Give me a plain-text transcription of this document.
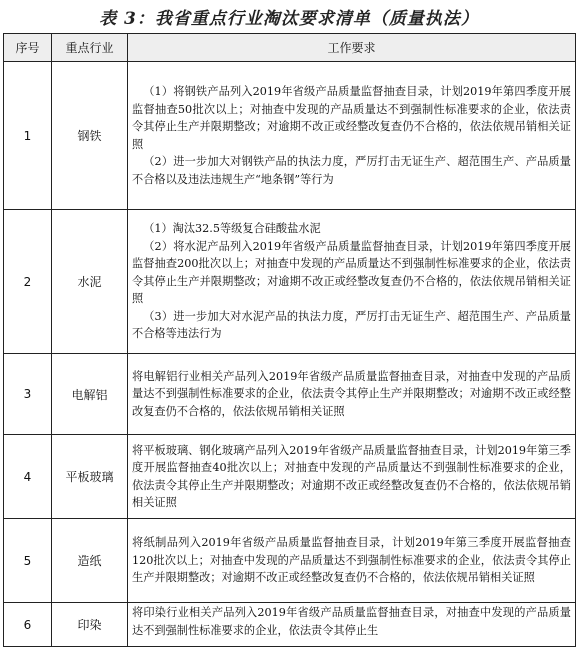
表 3：我省重点行业淘汰要求清单（质量执法）
序号	重点行业	工作要求
1	钢铁	（1）将钢铁产品列入2019年省级产品质量监督抽查目录，计划2019年第四季度开展监督抽查50批次以上；对抽查中发现的产品质量达不到强制性标准要求的企业，依法责令其停止生产并限期整改；对逾期不改正或经整改复查仍不合格的，依法依规吊销相关证照

（2）进一步加大对钢铁产品的执法力度，严厉打击无证生产、超范围生产、产品质量不合格以及违法违规生产“地条钢”等行为

2	水泥	（1）淘汰32.5等级复合硅酸盐水泥

（2）将水泥产品列入2019年省级产品质量监督抽查目录，计划2019年第四季度开展监督抽查200批次以上；对抽查中发现的产品质量达不到强制性标准要求的企业，依法责令其停止生产并限期整改；对逾期不改正或经整改复查仍不合格的，依法依规吊销相关证照

（3）进一步加大对水泥产品的执法力度，严厉打击无证生产、超范围生产、产品质量不合格等违法行为

3	电解铝	将电解铝行业相关产品列入2019年省级产品质量监督抽查目录，对抽查中发现的产品质量达不到强制性标准要求的企业，依法责令其停止生产并限期整改；对逾期不改正或经整改复查仍不合格的，依法依规吊销相关证照

4	平板玻璃	将平板玻璃、钢化玻璃产品列入2019年省级产品质量监督抽查目录，计划2019年第三季度开展监督抽查40批次以上；对抽查中发现的产品质量达不到强制性标准要求的企业，依法责令其停止生产并限期整改；对逾期不改正或经整改复查仍不合格的，依法依规吊销相关证照

5	造纸	将纸制品列入2019年省级产品质量监督抽查目录，计划2019年第三季度开展监督抽查120批次以上；对抽查中发现的产品质量达不到强制性标准要求的企业，依法责令其停止生产并限期整改；对逾期不改正或经整改复查仍不合格的，依法依规吊销相关证照

6	印染	将印染行业相关产品列入2019年省级产品质量监督抽查目录，对抽查中发现的产品质量达不到强制性标准要求的企业，依法责令其停止生
